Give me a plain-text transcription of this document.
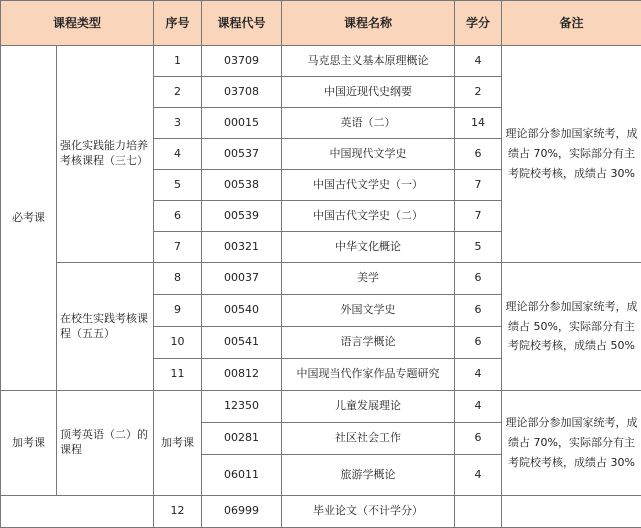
课程类型		序号	课程代号	课程名称	学分	备注
必考课	强化实践能力培养考核课程（三七）	1	03709	马克思主义基本原理概论	4	理论部分参加国家统考，成绩占 70%，实际部分有主考院校考核，成绩占 30%
		2	03708	中国近现代史纲要	2	
		3	00015	英语（二）	14	
		4	00537	中国现代文学史	6	
		5	00538	中国古代文学史（一）	7	
		6	00539	中国古代文学史（二）	7	
		7	00321	中华文化概论	5	
	在校生实践考核课程（五五）	8	00037	美学	6	理论部分参加国家统考，成绩占 50%，实际部分有主考院校考核，成绩占 50%
		9	00540	外国文学史	6	
		10	00541	语言学概论	6	
		11	00812	中国现当代作家作品专题研究	4	
加考课	顶考英语（二）的课程	加考课	12350	儿童发展理论	4	理论部分参加国家统考，成绩占 70%，实际部分有主考院校考核，成绩占 30%
			00281	社区社会工作	6	
			06011	旅游学概论	4	
		12	06999	毕业论文（不计学分）		
